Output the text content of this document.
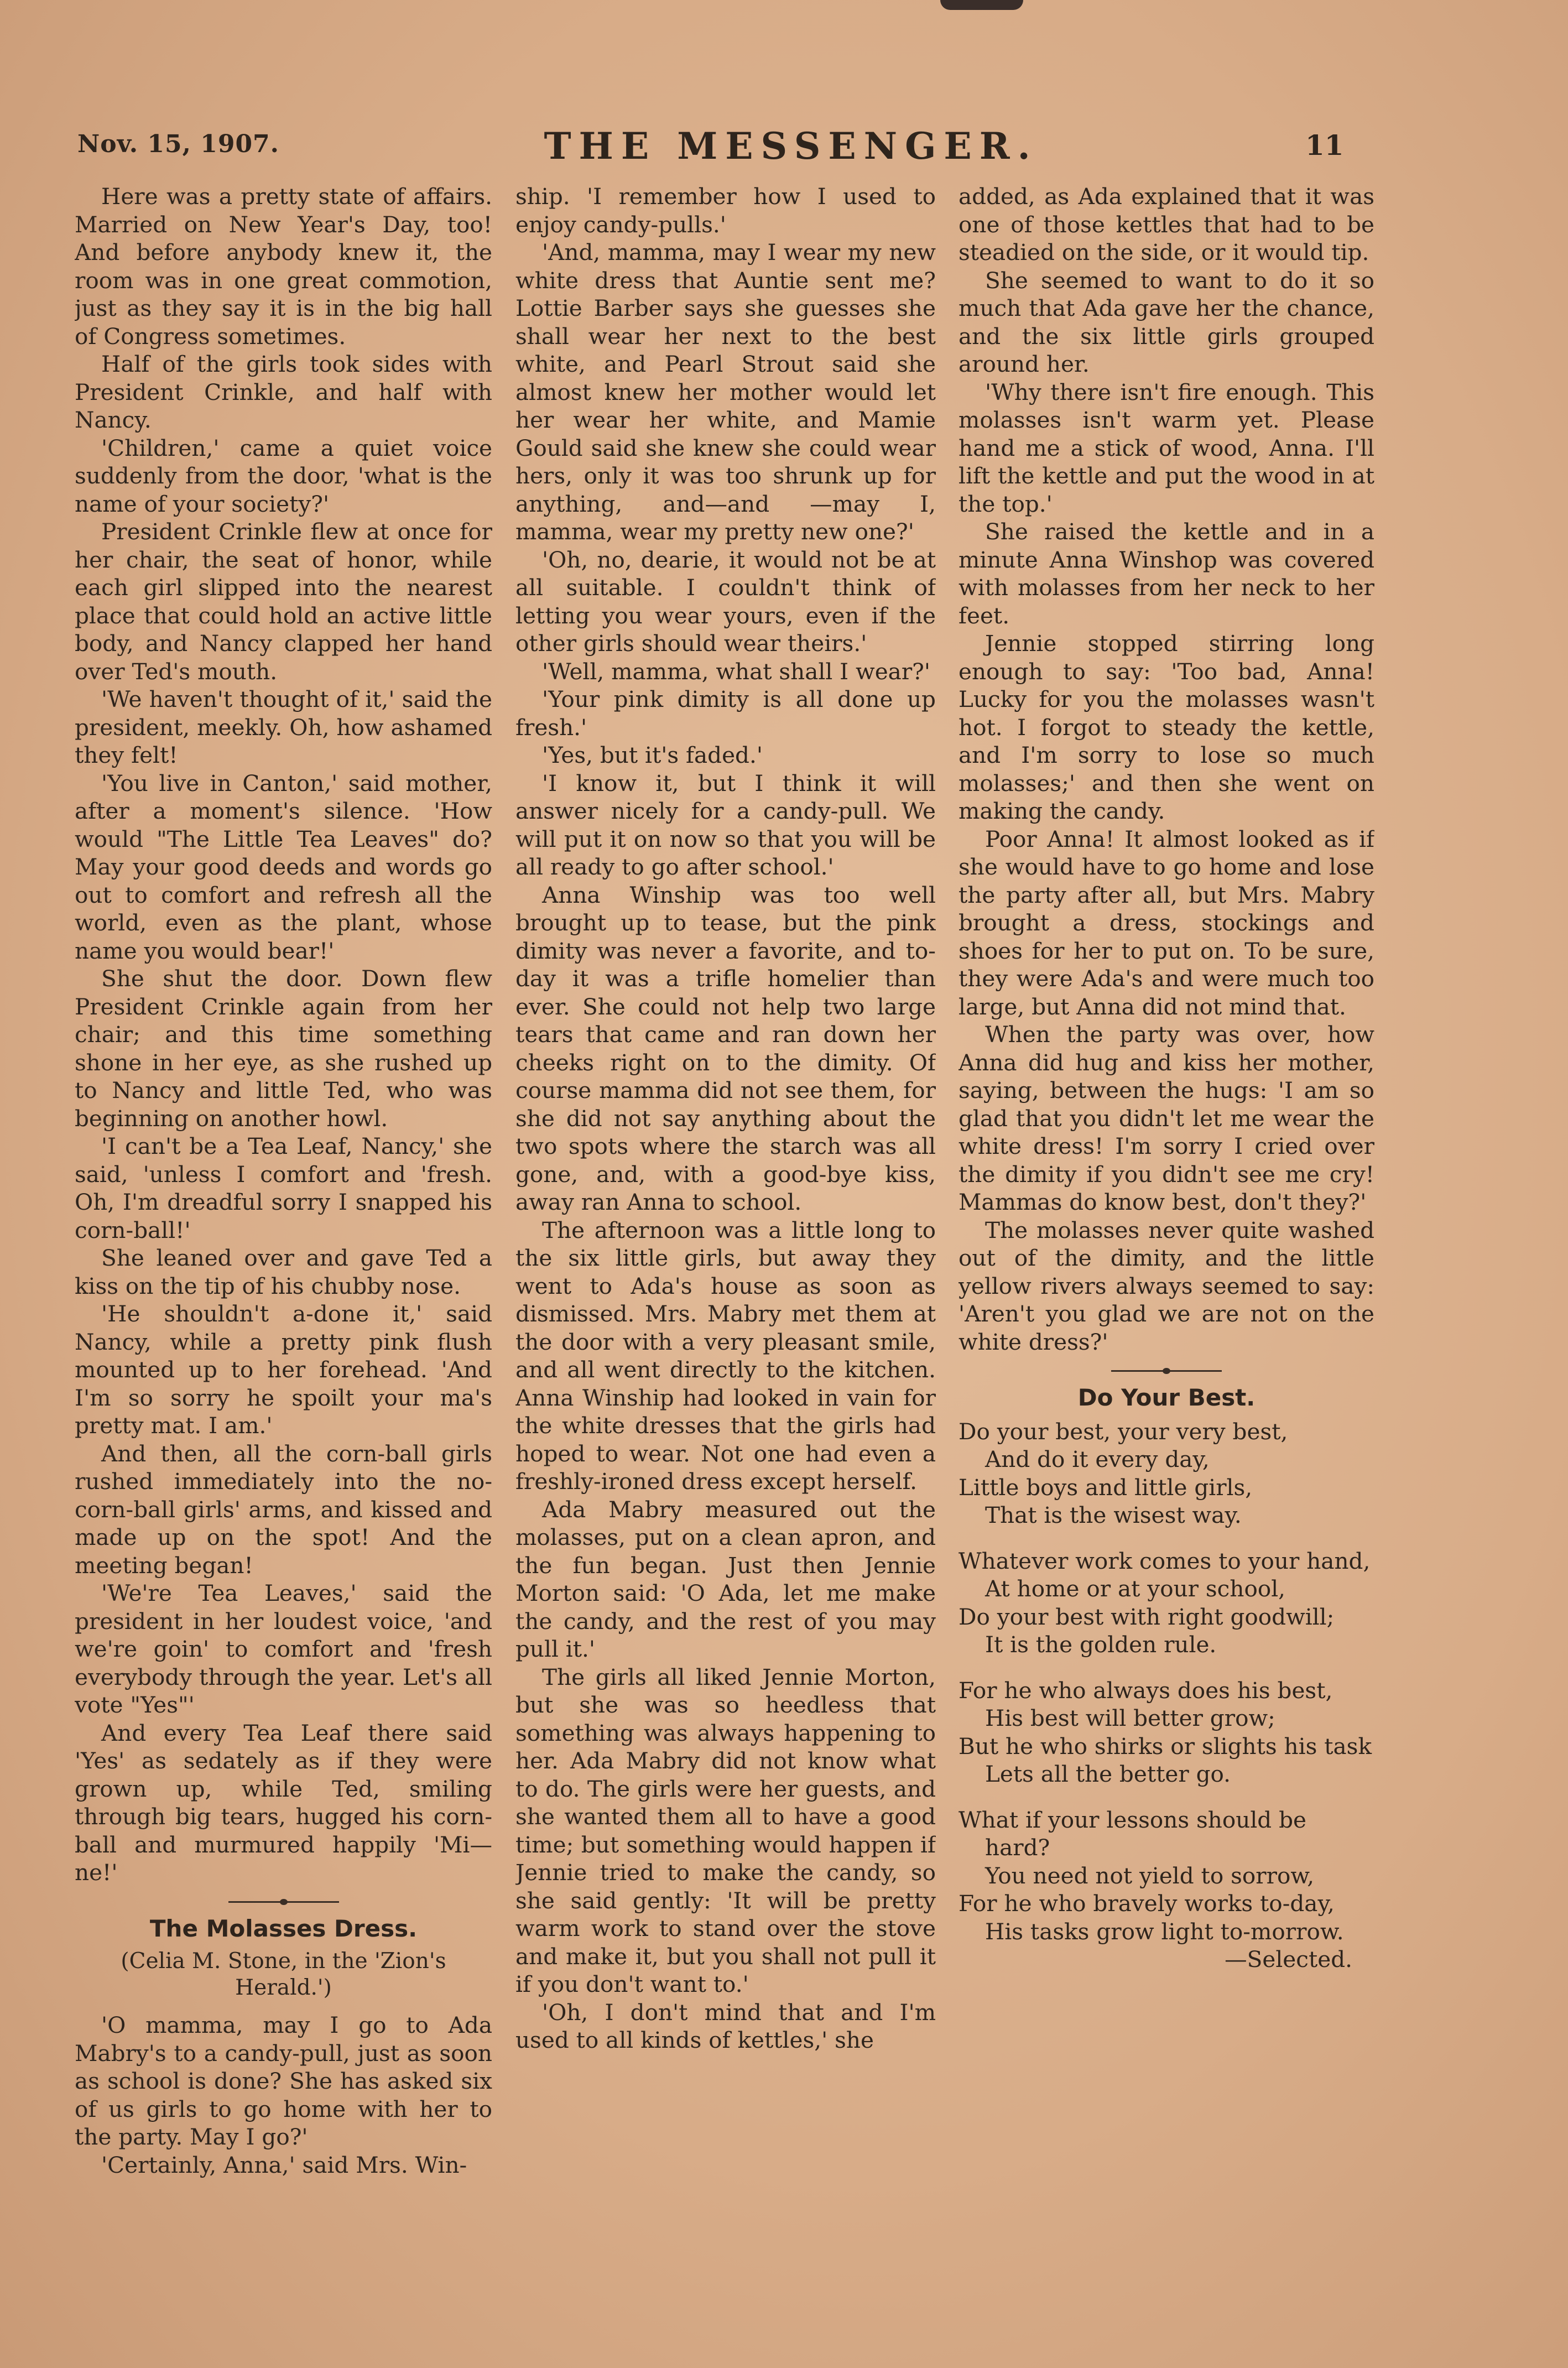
Nov. 15, 1907.	THE MESSENGER.	11

Here was a pretty state of affairs. Married on New Year's Day, too! And before anybody knew it, the room was in one great commotion, just as they say it is in the big hall of Congress sometimes.

Half of the girls took sides with President Crinkle, and half with Nancy.

'Children,' came a quiet voice suddenly from the door, 'what is the name of your society?'

President Crinkle flew at once for her chair, the seat of honor, while each girl slipped into the nearest place that could hold an active little body, and Nancy clapped her hand over Ted's mouth.

'We haven't thought of it,' said the president, meekly. Oh, how ashamed they felt!

'You live in Canton,' said mother, after a moment's silence. 'How would "The Little Tea Leaves" do? May your good deeds and words go out to comfort and refresh all the world, even as the plant, whose name you would bear!'

She shut the door. Down flew President Crinkle again from her chair; and this time something shone in her eye, as she rushed up to Nancy and little Ted, who was beginning on another howl.

'I can't be a Tea Leaf, Nancy,' she said, 'unless I comfort and 'fresh. Oh, I'm dreadful sorry I snapped his corn-ball!'

She leaned over and gave Ted a kiss on the tip of his chubby nose.

'He shouldn't a-done it,' said Nancy, while a pretty pink flush mounted up to her forehead. 'And I'm so sorry he spoilt your ma's pretty mat. I am.'

And then, all the corn-ball girls rushed immediately into the no-corn-ball girls' arms, and kissed and made up on the spot! And the meeting began!

'We're Tea Leaves,' said the president in her loudest voice, 'and we're goin' to comfort and 'fresh everybody through the year. Let's all vote "Yes"'

And every Tea Leaf there said 'Yes' as sedately as if they were grown up, while Ted, smiling through big tears, hugged his corn-ball and murmured happily 'Mi—ne!'

The Molasses Dress.

(Celia M. Stone, in the 'Zion's Herald.')

'O mamma, may I go to Ada Mabry's to a candy-pull, just as soon as school is done? She has asked six of us girls to go home with her to the party. May I go?'

'Certainly, Anna,' said Mrs. Win-

ship. 'I remember how I used to enjoy candy-pulls.'

'And, mamma, may I wear my new white dress that Auntie sent me? Lottie Barber says she guesses she shall wear her next to the best white, and Pearl Strout said she almost knew her mother would let her wear her white, and Mamie Gould said she knew she could wear hers, only it was too shrunk up for anything, and—and —may I, mamma, wear my pretty new one?'

'Oh, no, dearie, it would not be at all suitable. I couldn't think of letting you wear yours, even if the other girls should wear theirs.'

'Well, mamma, what shall I wear?'

'Your pink dimity is all done up fresh.'

'Yes, but it's faded.'

'I know it, but I think it will answer nicely for a candy-pull. We will put it on now so that you will be all ready to go after school.'

Anna Winship was too well brought up to tease, but the pink dimity was never a favorite, and to-day it was a trifle homelier than ever. She could not help two large tears that came and ran down her cheeks right on to the dimity. Of course mamma did not see them, for she did not say anything about the two spots where the starch was all gone, and, with a good-bye kiss, away ran Anna to school.

The afternoon was a little long to the six little girls, but away they went to Ada's house as soon as dismissed. Mrs. Mabry met them at the door with a very pleasant smile, and all went directly to the kitchen. Anna Winship had looked in vain for the white dresses that the girls had hoped to wear. Not one had even a freshly-ironed dress except herself.

Ada Mabry measured out the molasses, put on a clean apron, and the fun began. Just then Jennie Morton said: 'O Ada, let me make the candy, and the rest of you may pull it.'

The girls all liked Jennie Morton, but she was so heedless that something was always happening to her. Ada Mabry did not know what to do. The girls were her guests, and she wanted them all to have a good time; but something would happen if Jennie tried to make the candy, so she said gently: 'It will be pretty warm work to stand over the stove and make it, but you shall not pull it if you don't want to.'

'Oh, I don't mind that and I'm used to all kinds of kettles,' she

added, as Ada explained that it was one of those kettles that had to be steadied on the side, or it would tip.

She seemed to want to do it so much that Ada gave her the chance, and the six little girls grouped around her.

'Why there isn't fire enough. This molasses isn't warm yet. Please hand me a stick of wood, Anna. I'll lift the kettle and put the wood in at the top.'

She raised the kettle and in a minute Anna Winshop was covered with molasses from her neck to her feet.

Jennie stopped stirring long enough to say: 'Too bad, Anna! Lucky for you the molasses wasn't hot. I forgot to steady the kettle, and I'm sorry to lose so much molasses;' and then she went on making the candy.

Poor Anna! It almost looked as if she would have to go home and lose the party after all, but Mrs. Mabry brought a dress, stockings and shoes for her to put on. To be sure, they were Ada's and were much too large, but Anna did not mind that.

When the party was over, how Anna did hug and kiss her mother, saying, between the hugs: 'I am so glad that you didn't let me wear the white dress! I'm sorry I cried over the dimity if you didn't see me cry! Mammas do know best, don't they?'

The molasses never quite washed out of the dimity, and the little yellow rivers always seemed to say: 'Aren't you glad we are not on the white dress?'

Do Your Best.
Do your best, your very best,
And do it every day,
Little boys and little girls,
That is the wisest way.
Whatever work comes to your hand,
At home or at your school,
Do your best with right goodwill;
It is the golden rule.
For he who always does his best,
His best will better grow;
But he who shirks or slights his task
Lets all the better go.
What if your lessons should be hard?
You need not yield to sorrow,
For he who bravely works to-day,
His tasks grow light to-morrow.

—Selected.
